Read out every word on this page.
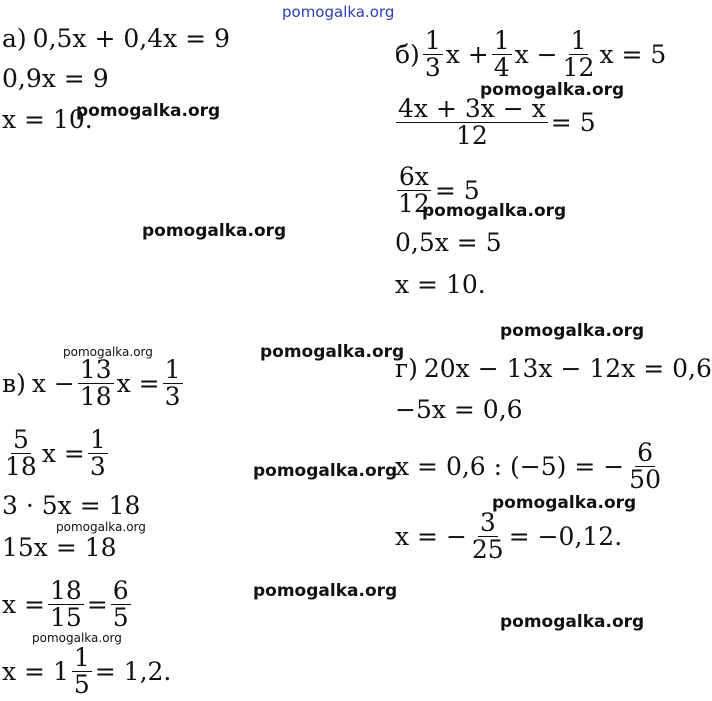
pomogalka.org
а) 0,5x + 0,4x = 9
0,9x = 9
x = 10.
$б) \frac{1}{3}$ $x + \frac{1}{4}$ $x - \frac{1}{12}$ x = 5
$\frac{4x + 3x - x}{12} = 5$
$\frac{6x}{12} = 5$
0,5x = 5
x = 10.
в) $x - \frac{13}{18}$ $x = \frac{1}{3}$
$\frac{5}{18}$ $x = \frac{1}{3}$
3 · 5x = 18
15x = 18
$x = \frac{18}{15} = \frac{6}{5}$
$x = 1 \frac{1}{5} = 1,2$.
г) 20x − 13x − 12x = 0,6
−5x = 0,6
x = 0,6 : (−5) = − $\frac{6}{50}$
x = − $\frac{3}{25} = -0,12$.
pomogalka.org
pomogalka.org
pomogalka.org
pomogalka.org
pomogalka.org
pomogalka.org	pomogalka.org
pomogalka.org
pomogalka.org
pomogalka.org
pomogalka.org
pomogalka.org
pomogalka.org
